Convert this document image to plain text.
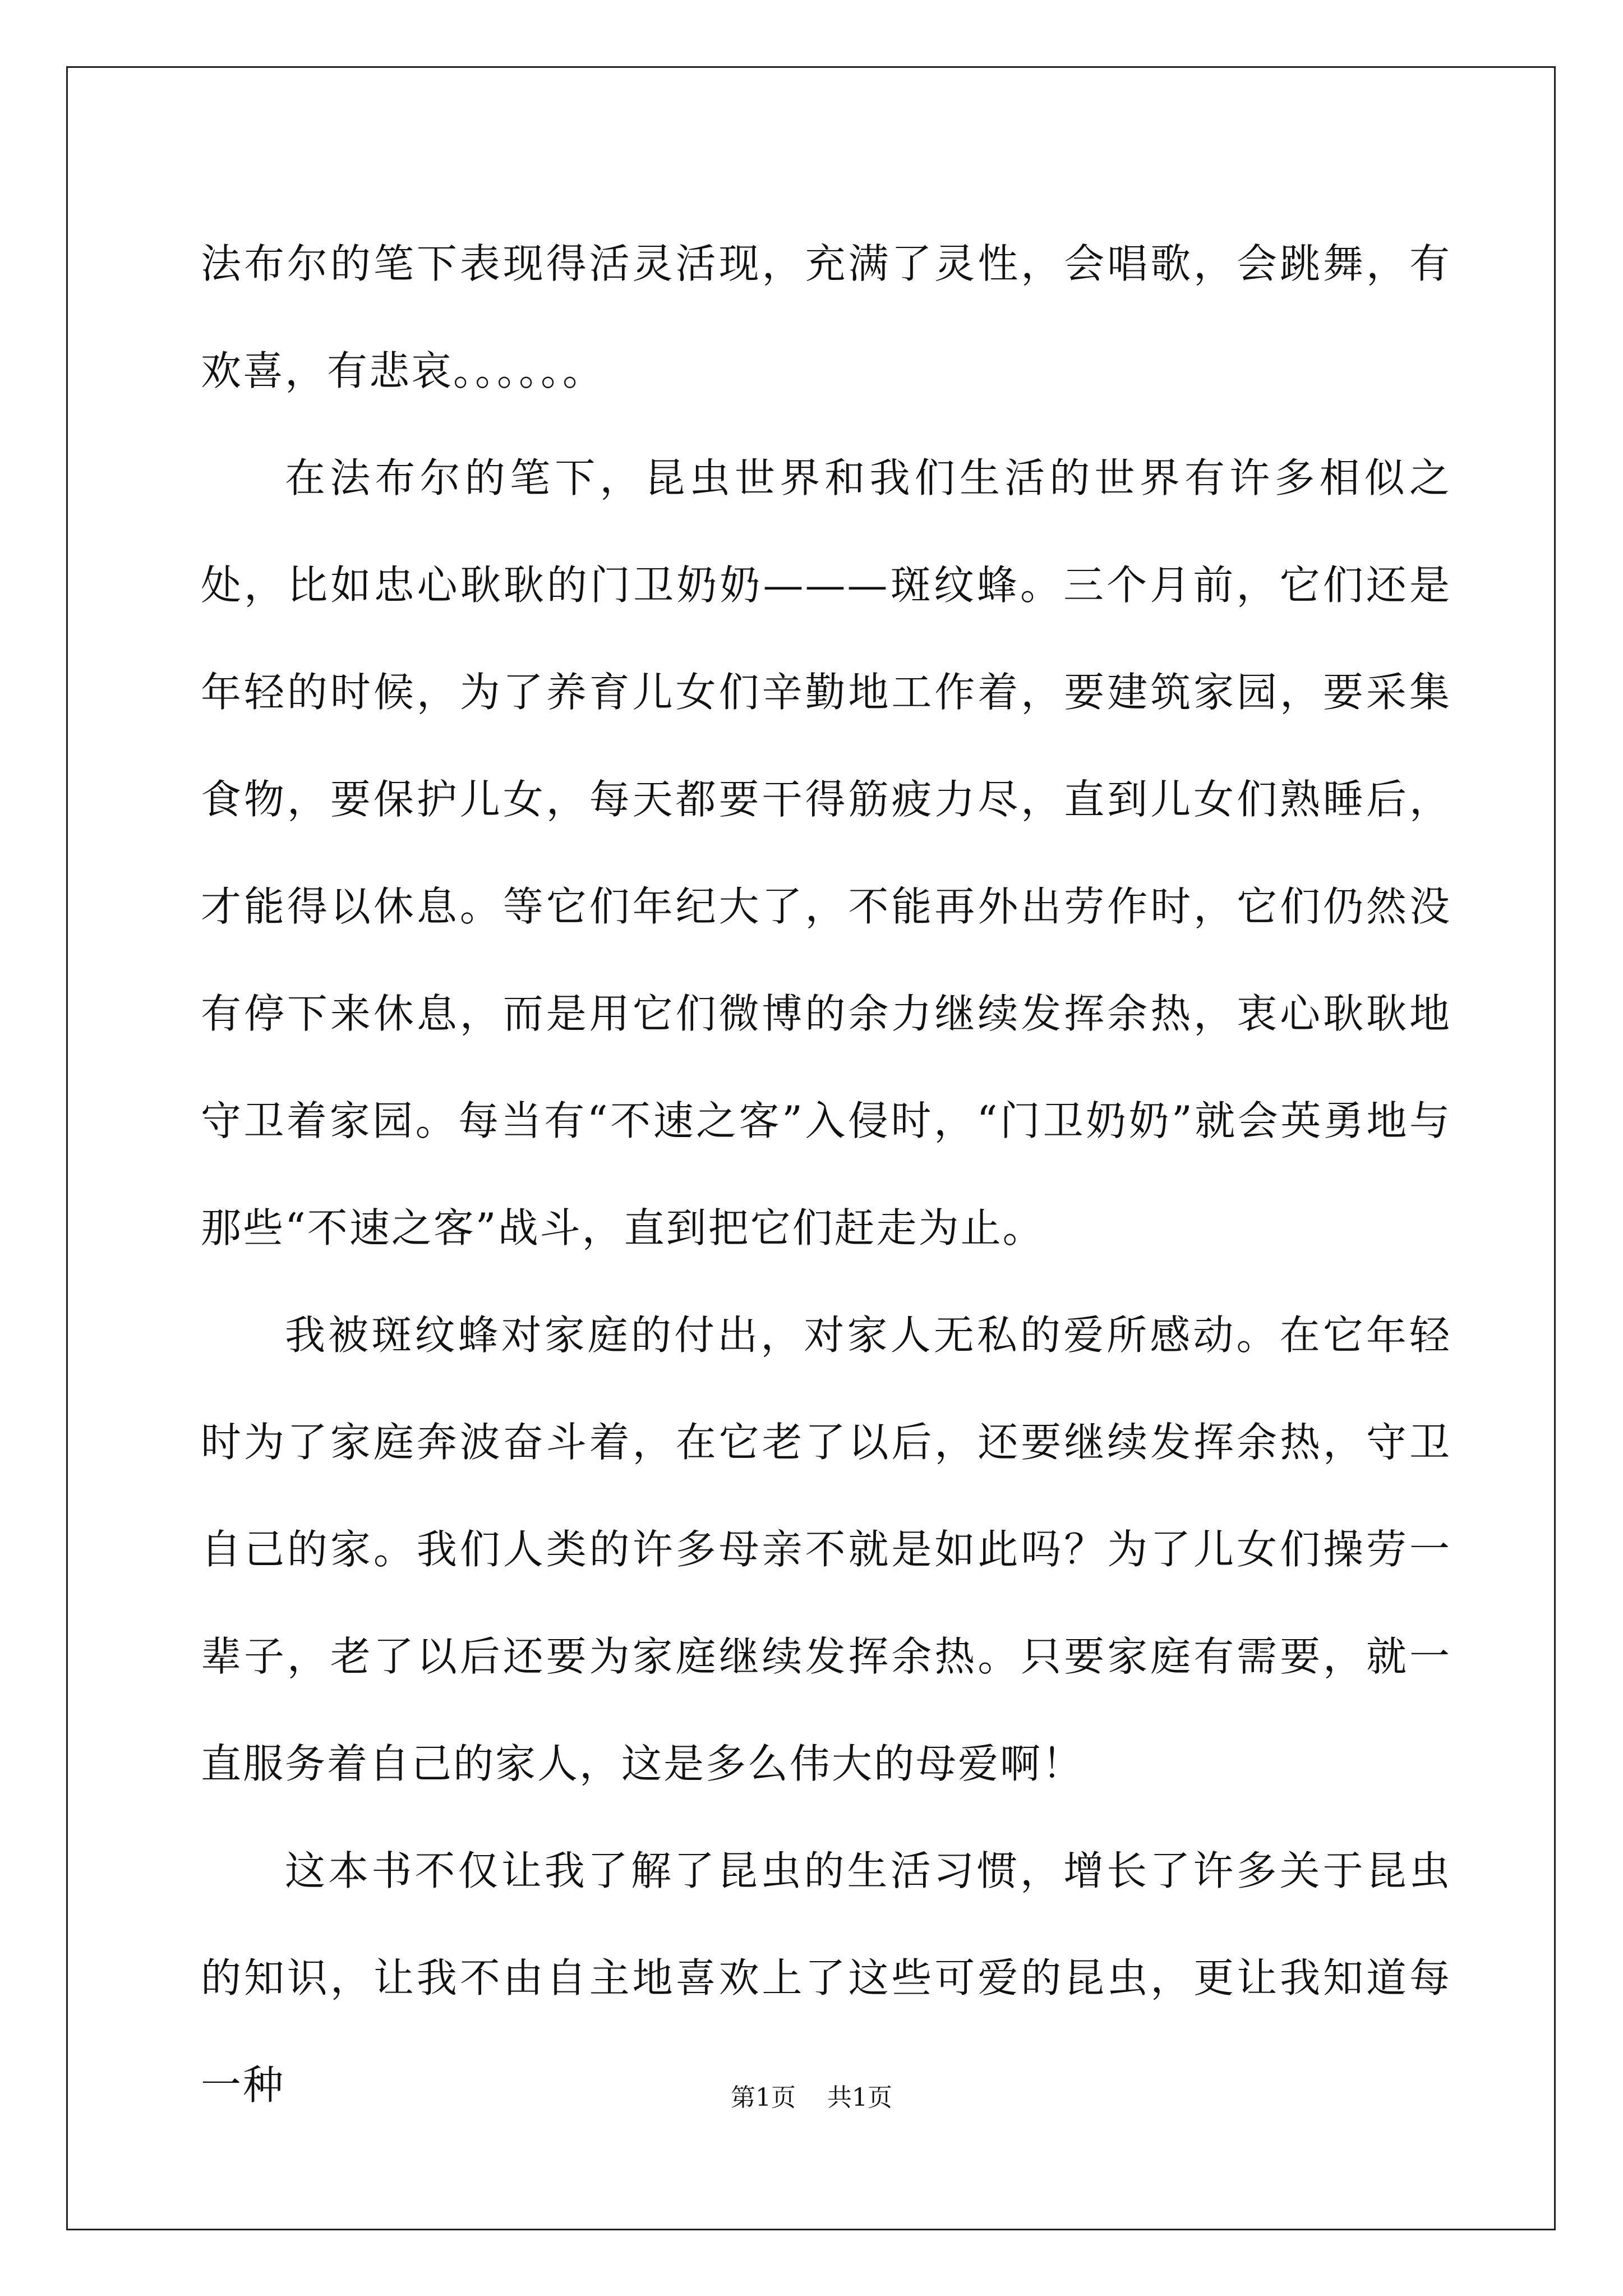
法布尔的笔下表现得活灵活现，充满了灵性，会唱歌，会跳舞，有欢喜，有悲哀。。。。。。

在法布尔的笔下，昆虫世界和我们生活的世界有许多相似之处，比如忠心耿耿的门卫奶奶———斑纹蜂。三个月前，它们还是年轻的时候，为了养育儿女们辛勤地工作着，要建筑家园，要采集食物，要保护儿女，每天都要干得筋疲力尽，直到儿女们熟睡后，才能得以休息。等它们年纪大了，不能再外出劳作时，它们仍然没有停下来休息，而是用它们微博的余力继续发挥余热，衷心耿耿地守卫着家园。每当有“不速之客”入侵时，“门卫奶奶”就会英勇地与那些“不速之客”战斗，直到把它们赶走为止。

我被斑纹蜂对家庭的付出，对家人无私的爱所感动。在它年轻时为了家庭奔波奋斗着，在它老了以后，还要继续发挥余热，守卫自己的家。我们人类的许多母亲不就是如此吗？为了儿女们操劳一辈子，老了以后还要为家庭继续发挥余热。只要家庭有需要，就一直服务着自己的家人，这是多么伟大的母爱啊！

这本书不仅让我了解了昆虫的生活习惯，增长了许多关于昆虫的知识，让我不由自主地喜欢上了这些可爱的昆虫，更让我知道每一种	第1页 共1页
